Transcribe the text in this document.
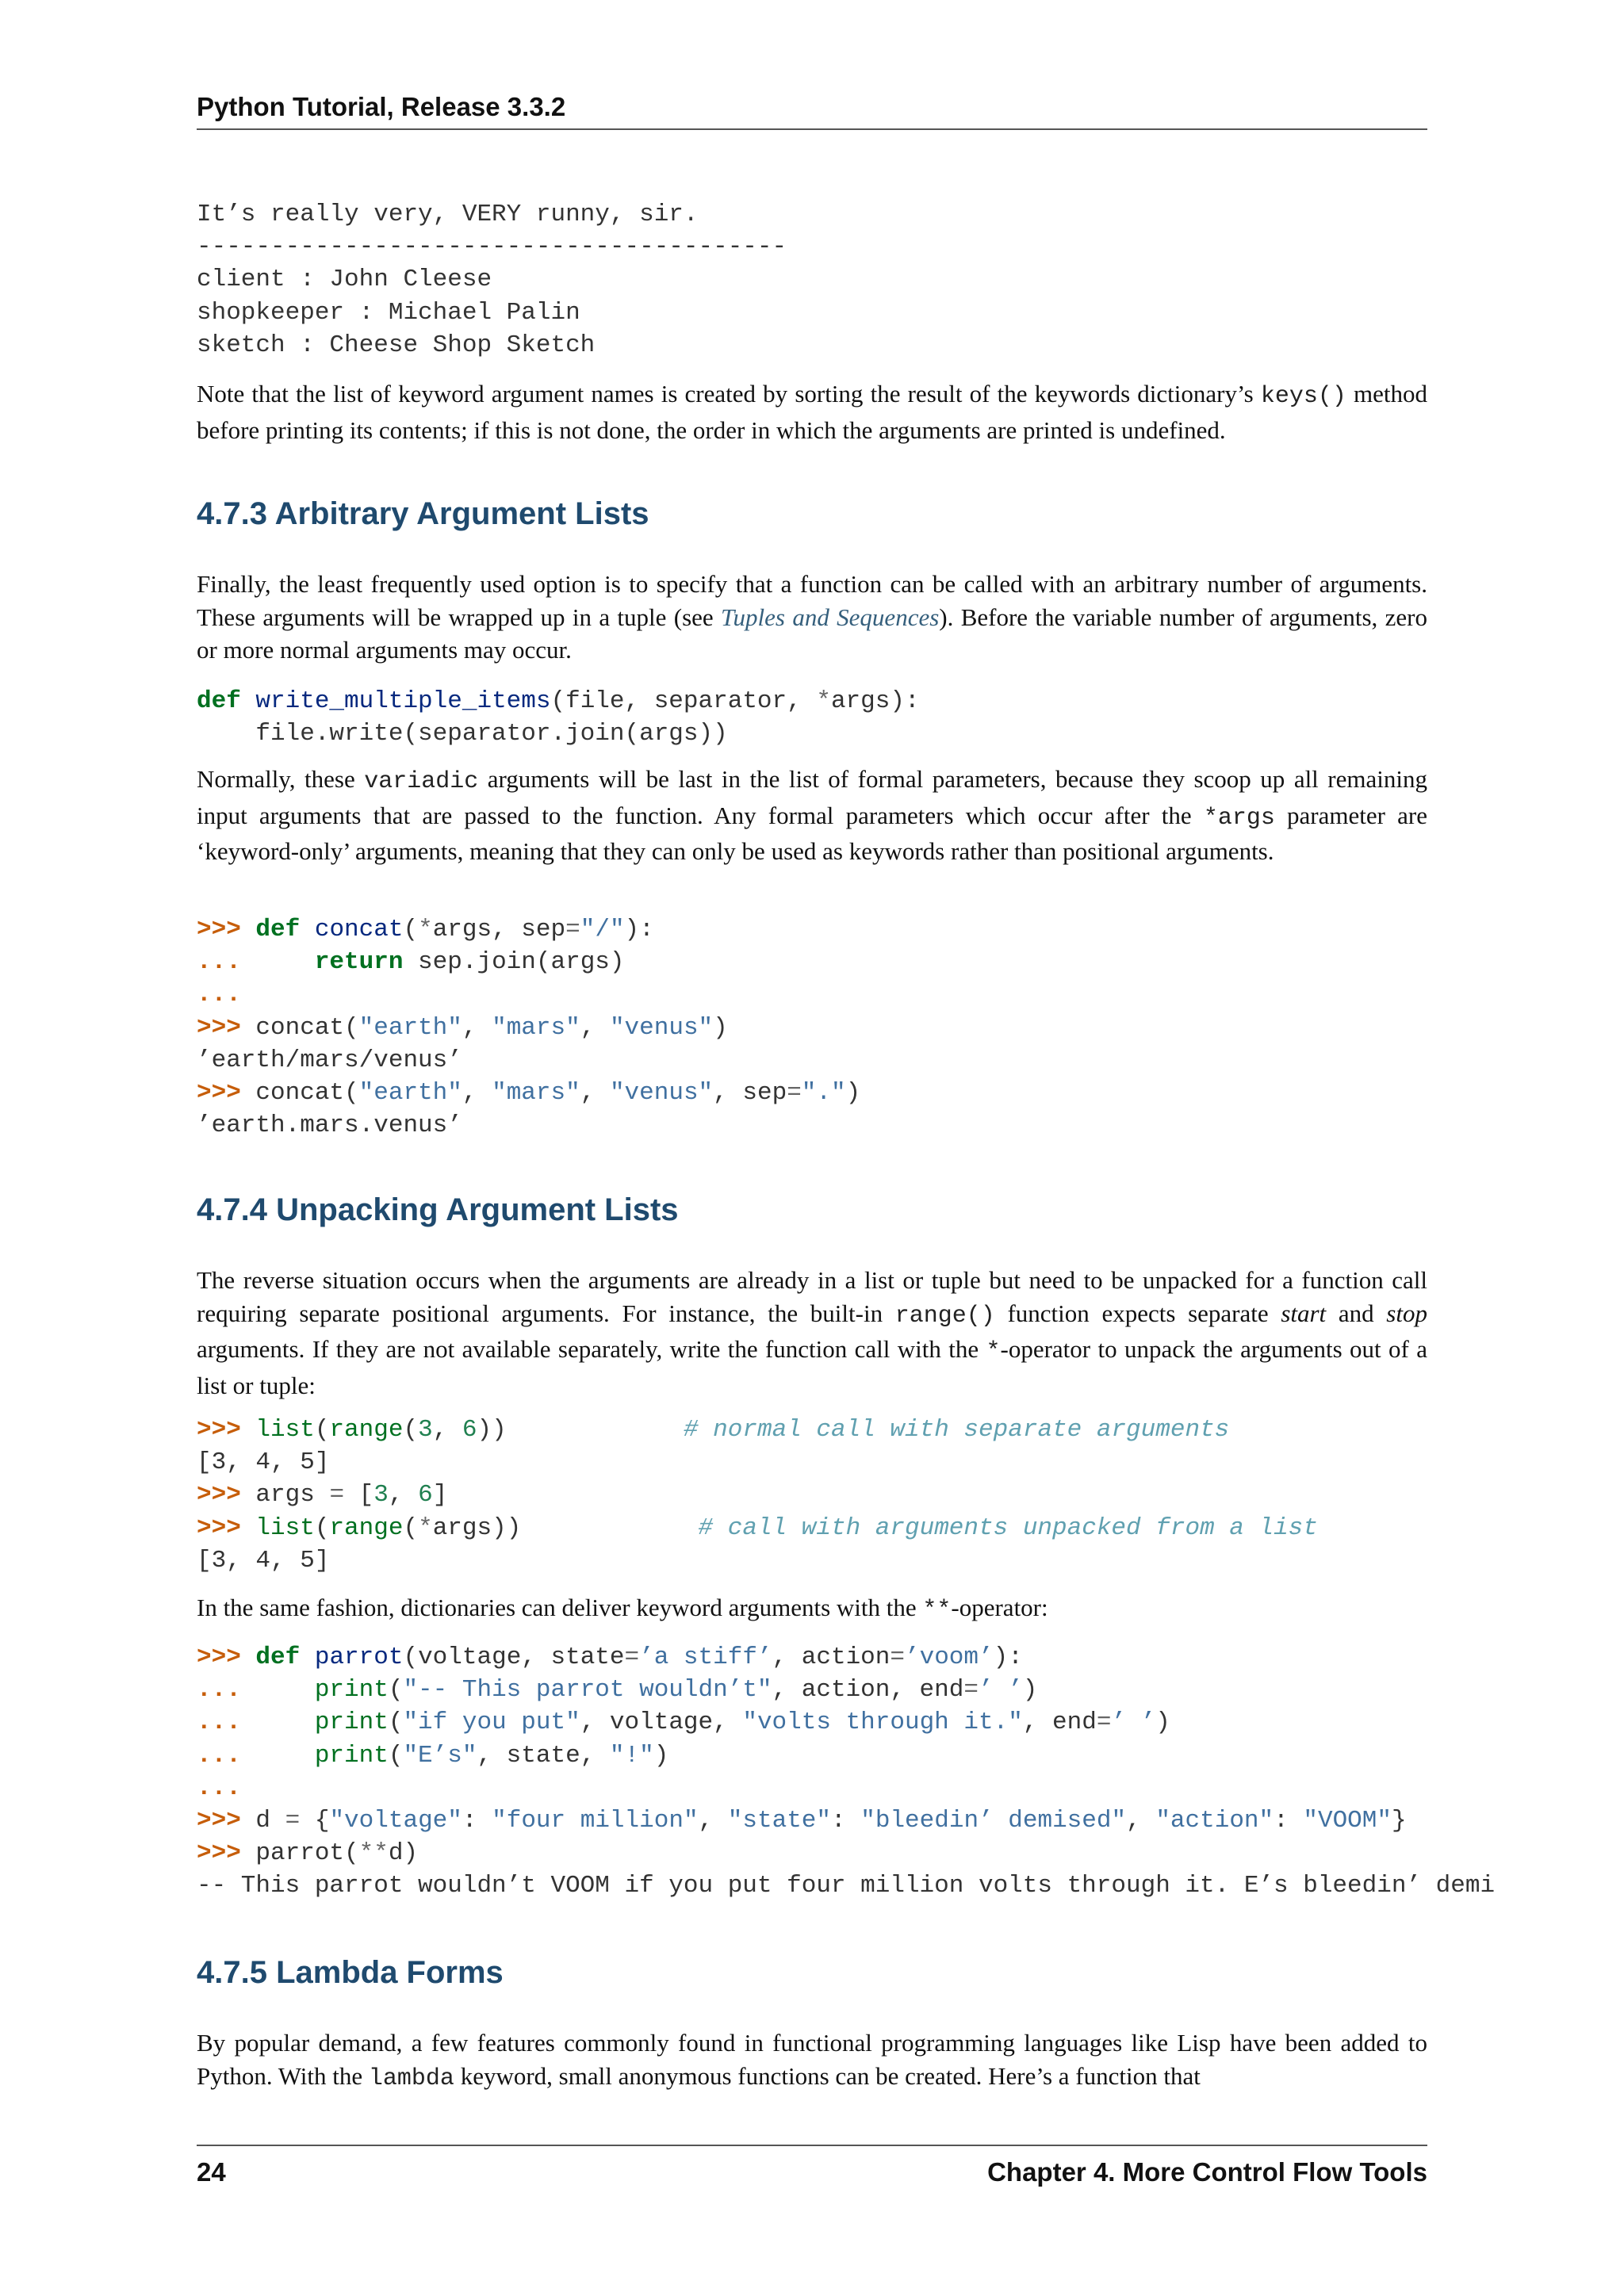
Python Tutorial, Release 3.3.2
It’s really very, VERY runny, sir.
----------------------------------------
client : John Cleese
shopkeeper : Michael Palin
sketch : Cheese Shop Sketch

Note that the list of keyword argument names is created by sorting the result of the keywords dictionary’s keys() method before printing its contents; if this is not done, the order in which the arguments are printed is undefined.

4.7.3 Arbitrary Argument Lists

Finally, the least frequently used option is to specify that a function can be called with an arbitrary number of arguments. These arguments will be wrapped up in a tuple (see Tuples and Sequences). Before the variable number of arguments, zero or more normal arguments may occur.

def write_multiple_items(file, separator, *args):
file.write(separator.join(args))

Normally, these variadic arguments will be last in the list of formal parameters, because they scoop up all remaining input arguments that are passed to the function. Any formal parameters which occur after the *args parameter are ‘keyword-only’ arguments, meaning that they can only be used as keywords rather than positional arguments.

>>> def concat(*args, sep="/"):
...	return sep.join(args)
...
>>> concat("earth", "mars", "venus")
’earth/mars/venus’
>>> concat("earth", "mars", "venus", sep=".")
’earth.mars.venus’
4.7.4 Unpacking Argument Lists

The reverse situation occurs when the arguments are already in a list or tuple but need to be unpacked for a function call requiring separate positional arguments. For instance, the built-in range() function expects separate start and stop arguments. If they are not available separately, write the function call with the *-operator to unpack the arguments out of a list or tuple:

>>> list(range(3, 6))            # normal call with separate arguments
[3, 4, 5]
>>> args = [3, 6]
>>> list(range(*args))            # call with arguments unpacked from a list
[3, 4, 5]

In the same fashion, dictionaries can deliver keyword arguments with the **-operator:

>>> def parrot(voltage, state=’a stiff’, action=’voom’):
...	print("-- This parrot wouldn’t", action, end=’ ’)
...	print("if you put", voltage, "volts through it.", end=’ ’)
...	print("E’s", state, "!")
...
>>> d = {"voltage": "four million", "state": "bleedin’ demised", "action": "VOOM"}
>>> parrot(**d)
-- This parrot wouldn’t VOOM if you put four million volts through it. E’s bleedin’ demi
4.7.5 Lambda Forms

By popular demand, a few features commonly found in functional programming languages like Lisp have been added to Python. With the lambda keyword, small anonymous functions can be created. Here’s a function that

24	Chapter 4. More Control Flow Tools
